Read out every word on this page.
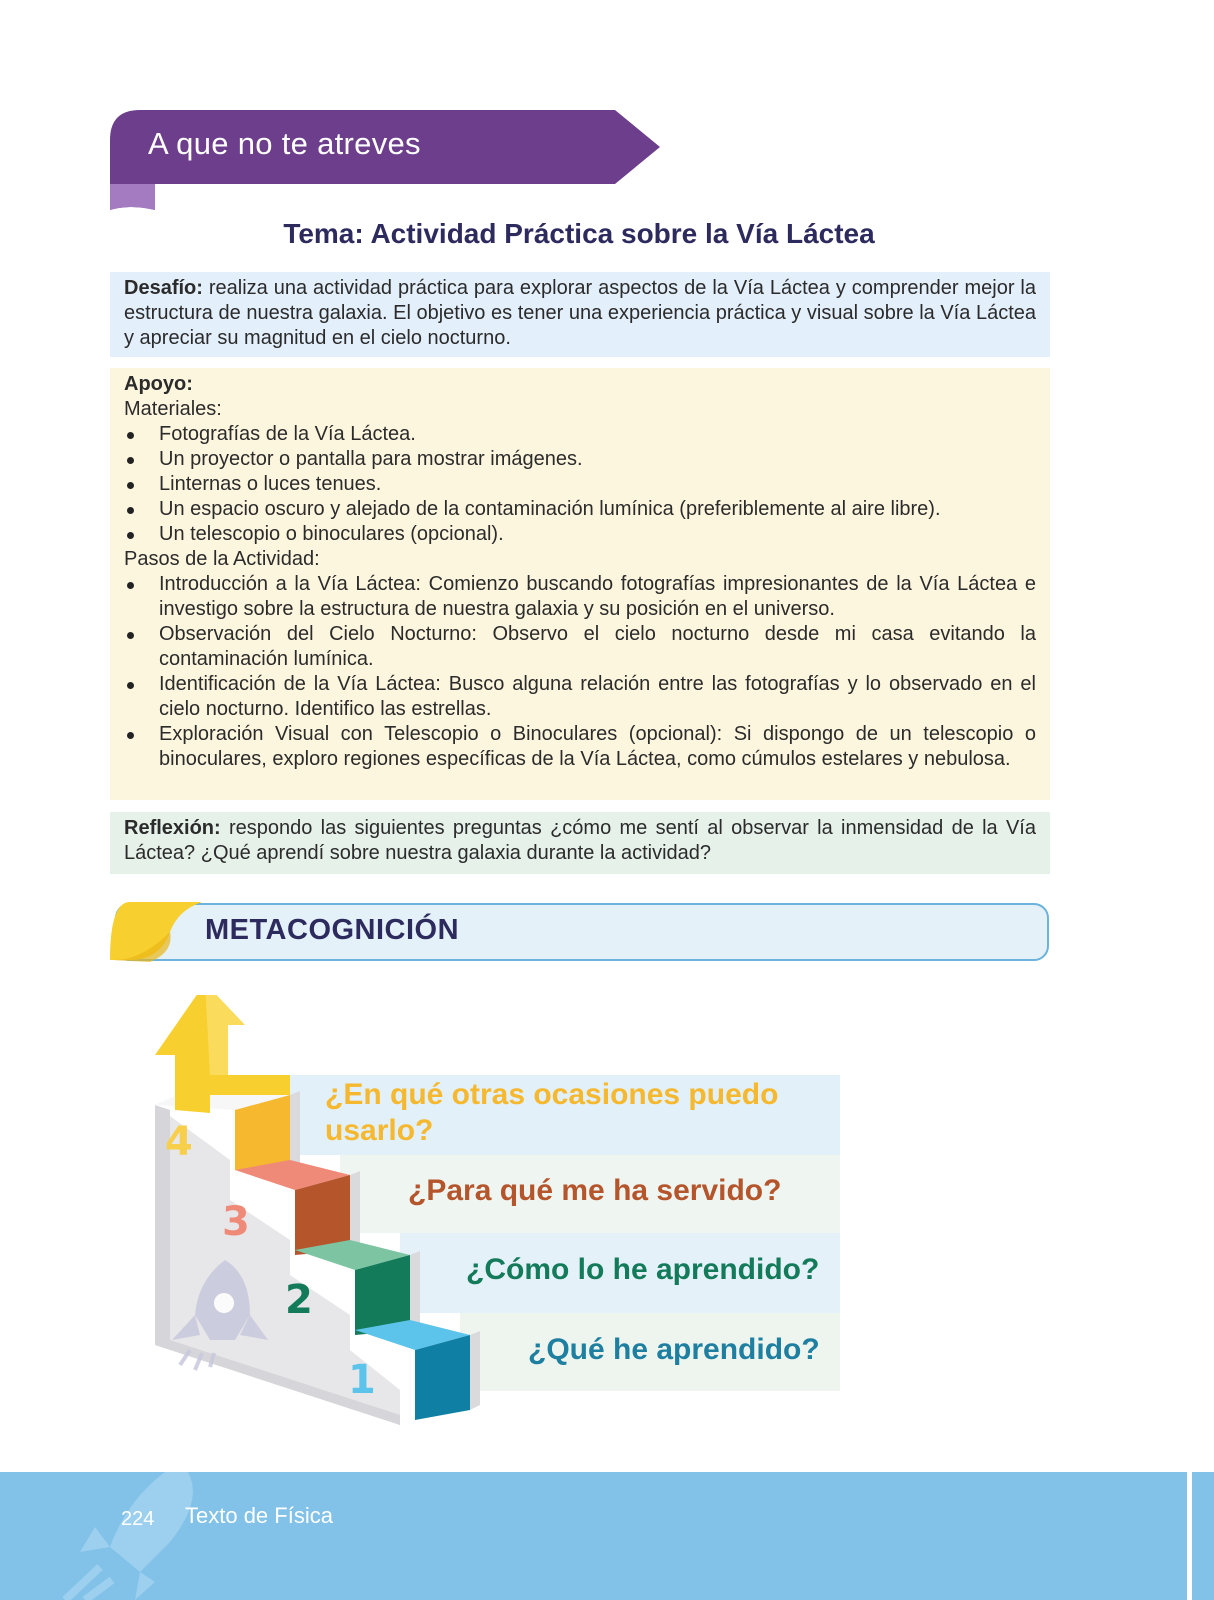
A que no te atreves
Tema: Actividad Práctica sobre la Vía Láctea

Desafío: realiza una actividad práctica para explorar aspectos de la Vía Láctea y comprender mejor la estructura de nuestra galaxia. El objetivo es tener una experiencia práctica y visual sobre la Vía Láctea y apreciar su magnitud en el cielo nocturno.

Apoyo:

Materiales:

Fotografías de la Vía Láctea.
Un proyector o pantalla para mostrar imágenes.
Linternas o luces tenues.
Un espacio oscuro y alejado de la contaminación lumínica (preferiblemente al aire libre).
Un telescopio o binoculares (opcional).

Pasos de la Actividad:

Introducción a la Vía Láctea: Comienzo buscando fotografías impresionantes de la Vía Láctea e investigo sobre la estructura de nuestra galaxia y su posición en el universo.
Observación del Cielo Nocturno: Observo el cielo nocturno desde mi casa evitando la contaminación lumínica.
Identificación de la Vía Láctea: Busco alguna relación entre las fotografías y lo observado en el cielo nocturno. Identifico las estrellas.
Exploración Visual con Telescopio o Binoculares (opcional): Si dispongo de un telescopio o binoculares, exploro regiones específicas de la Vía Láctea, como cúmulos estelares y nebulosa.

Reflexión: respondo las siguientes preguntas ¿cómo me sentí al observar la inmensidad de la Vía Láctea? ¿Qué aprendí sobre nuestra galaxia durante la actividad?

METACOGNICIÓN
4
3
2
1
¿En qué otras ocasiones puedo usarlo?
¿Para qué me ha servido?
¿Cómo lo he aprendido?
¿Qué he aprendido?
224 Texto de Física
